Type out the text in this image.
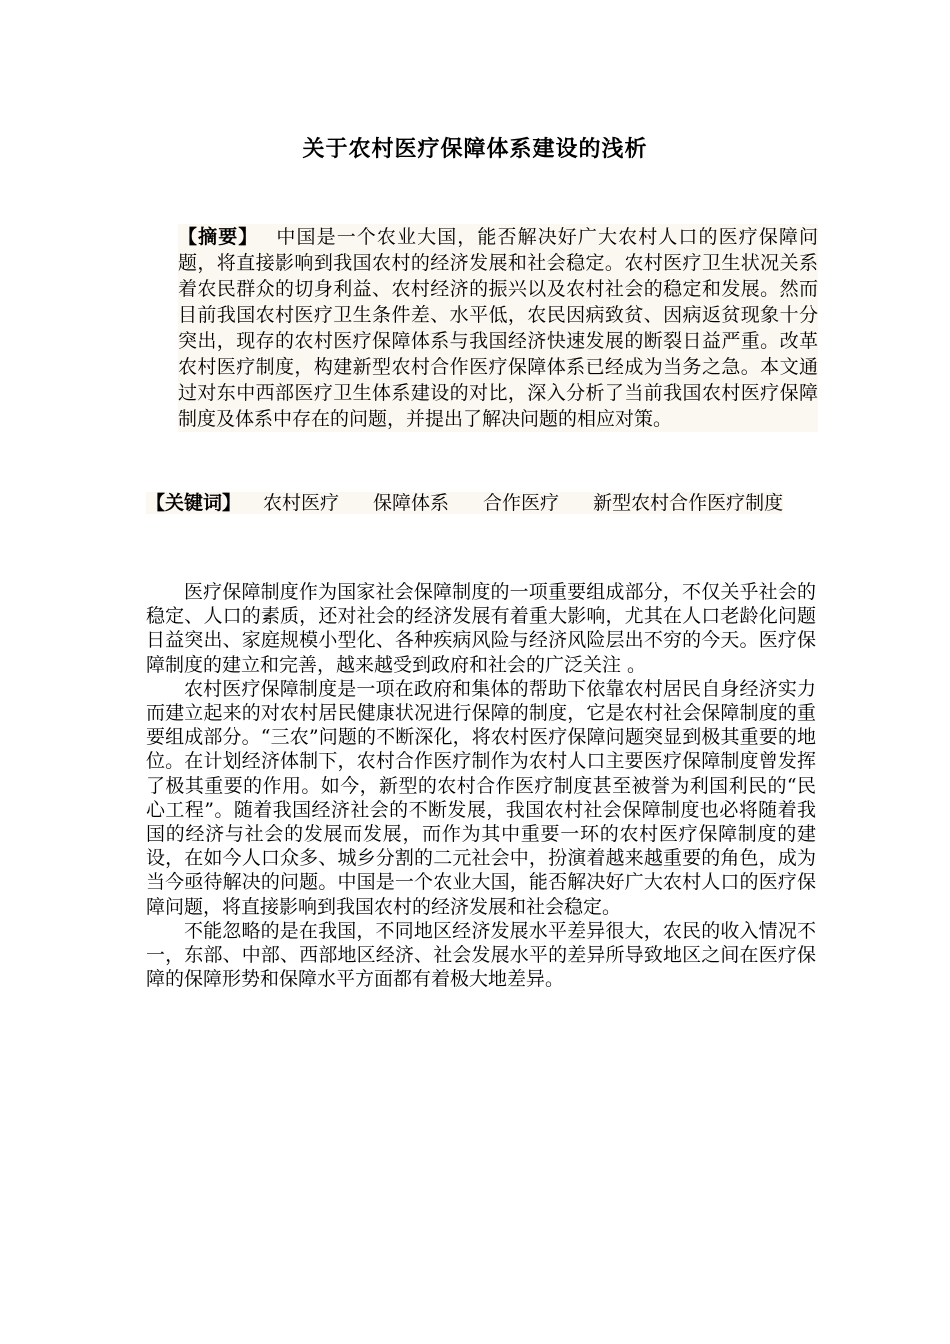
关于农村医疗保障体系建设的浅析
【摘要】 中国是一个农业大国，能否解决好广大农村人口的医疗保障问题，将直接影响到我国农村的经济发展和社会稳定。农村医疗卫生状况关系着农民群众的切身利益、农村经济的振兴以及农村社会的稳定和发展。然而目前我国农村医疗卫生条件差、水平低，农民因病致贫、因病返贫现象十分突出，现存的农村医疗保障体系与我国经济快速发展的断裂日益严重。改革农村医疗制度，构建新型农村合作医疗保障体系已经成为当务之急。本文通过对东中西部医疗卫生体系建设的对比，深入分析了当前我国农村医疗保障制度及体系中存在的问题，并提出了解决问题的相应对策。
【关键词】 农村医疗 保障体系 合作医疗 新型农村合作医疗制度

医疗保障制度作为国家社会保障制度的一项重要组成部分，不仅关乎社会的稳定、人口的素质，还对社会的经济发展有着重大影响，尤其在人口老龄化问题日益突出、家庭规模小型化、各种疾病风险与经济风险层出不穷的今天。医疗保障制度的建立和完善，越来越受到政府和社会的广泛关注 。

农村医疗保障制度是一项在政府和集体的帮助下依靠农村居民自身经济实力而建立起来的对农村居民健康状况进行保障的制度，它是农村社会保障制度的重要组成部分。“三农”问题的不断深化，将农村医疗保障问题突显到极其重要的地位。在计划经济体制下，农村合作医疗制作为农村人口主要医疗保障制度曾发挥了极其重要的作用。如今，新型的农村合作医疗制度甚至被誉为利国利民的“民心工程”。随着我国经济社会的不断发展，我国农村社会保障制度也必将随着我国的经济与社会的发展而发展，而作为其中重要一环的农村医疗保障制度的建设，在如今人口众多、城乡分割的二元社会中，扮演着越来越重要的角色，成为当今亟待解决的问题。中国是一个农业大国，能否解决好广大农村人口的医疗保障问题，将直接影响到我国农村的经济发展和社会稳定。

不能忽略的是在我国，不同地区经济发展水平差异很大，农民的收入情况不一，东部、中部、西部地区经济、社会发展水平的差异所导致地区之间在医疗保障的保障形势和保障水平方面都有着极大地差异。
